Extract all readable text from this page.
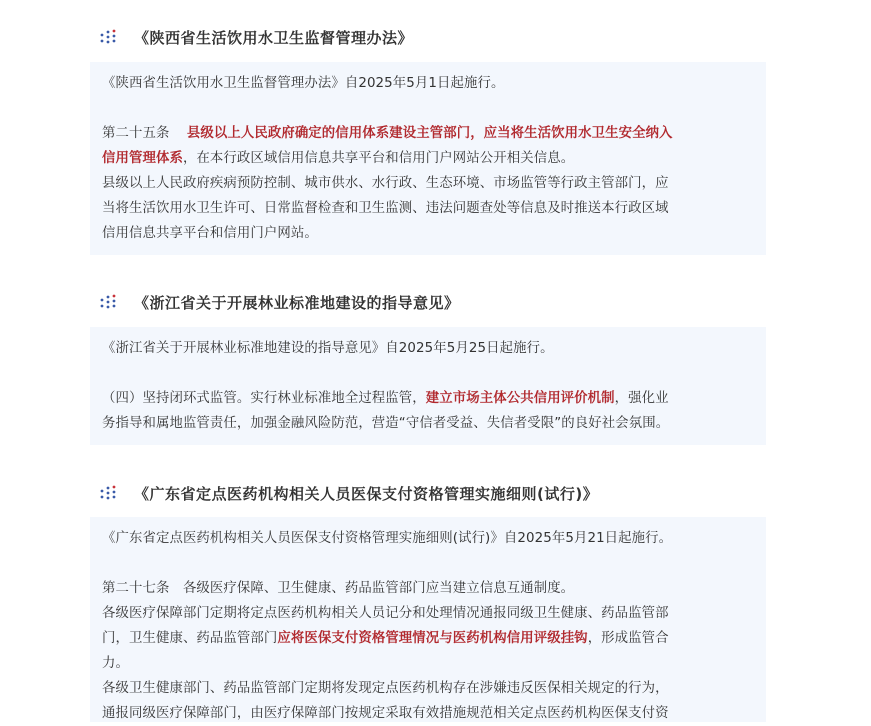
《陕西省生活饮用水卫生监督管理办法》
《陕西省生活饮用水卫生监督管理办法》自2025年5月1日起施行。
第二十五条 县级以上人民政府确定的信用体系建设主管部门，应当将生活饮用水卫生安全纳入
信用管理体系，在本行政区域信用信息共享平台和信用门户网站公开相关信息。
县级以上人民政府疾病预防控制、城市供水、水行政、生态环境、市场监管等行政主管部门，应
当将生活饮用水卫生许可、日常监督检查和卫生监测、违法问题查处等信息及时推送本行政区域
信用信息共享平台和信用门户网站。
《浙江省关于开展林业标准地建设的指导意见》
《浙江省关于开展林业标准地建设的指导意见》自2025年5月25日起施行。
（四）坚持闭环式监管。实行林业标准地全过程监管，建立市场主体公共信用评价机制，强化业
务指导和属地监管责任，加强金融风险防范，营造“守信者受益、失信者受限”的良好社会氛围。
《广东省定点医药机构相关人员医保支付资格管理实施细则(试行)》
《广东省定点医药机构相关人员医保支付资格管理实施细则(试行)》自2025年5月21日起施行。
第二十七条　各级医疗保障、卫生健康、药品监管部门应当建立信息互通制度。
各级医疗保障部门定期将定点医药机构相关人员记分和处理情况通报同级卫生健康、药品监管部
门，卫生健康、药品监管部门应将医保支付资格管理情况与医药机构信用评级挂钩，形成监管合
力。
各级卫生健康部门、药品监管部门定期将发现定点医药机构存在涉嫌违反医保相关规定的行为，
通报同级医疗保障部门，由医疗保障部门按规定采取有效措施规范相关定点医药机构医保支付资
